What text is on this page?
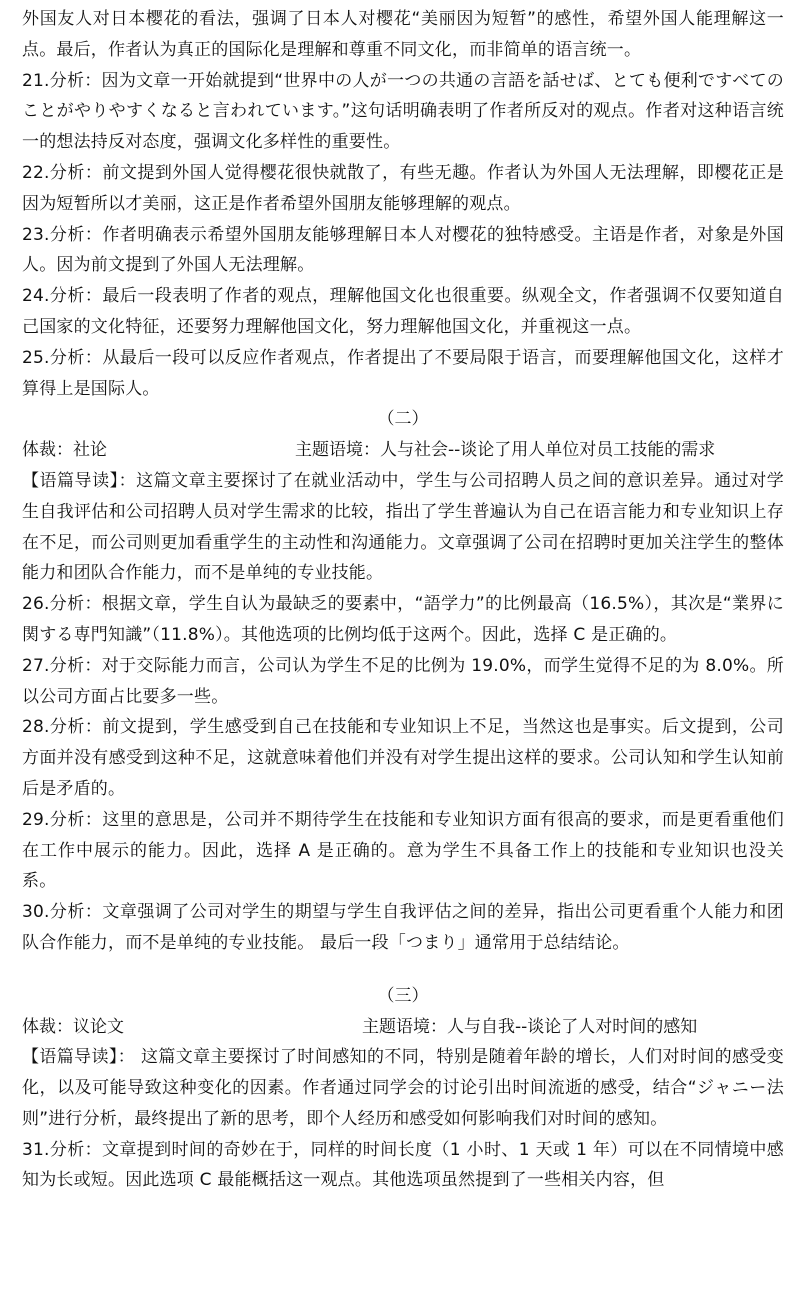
外国友人对日本樱花的看法，强调了日本人对樱花“美丽因为短暂”的感性，希望外国人能理解这一点。最后，作者认为真正的国际化是理解和尊重不同文化，而非简单的语言统一。

21.分析：因为文章一开始就提到“世界中の人が一つの共通の言語を話せば、とても便利ですべてのことがやりやすくなると言われています。”这句话明确表明了作者所反对的观点。作者对这种语言统一的想法持反对态度，强调文化多样性的重要性。

22.分析：前文提到外国人觉得樱花很快就散了，有些无趣。作者认为外国人无法理解，即樱花正是因为短暂所以才美丽，这正是作者希望外国朋友能够理解的观点。

23.分析：作者明确表示希望外国朋友能够理解日本人对樱花的独特感受。主语是作者，对象是外国人。因为前文提到了外国人无法理解。

24.分析：最后一段表明了作者的观点，理解他国文化也很重要。纵观全文，作者强调不仅要知道自己国家的文化特征，还要努力理解他国文化，努力理解他国文化，并重视这一点。

25.分析：从最后一段可以反应作者观点，作者提出了不要局限于语言，而要理解他国文化，这样才算得上是国际人。

（二）
体裁：社论	主题语境：人与社会--谈论了用人单位对员工技能的需求

【语篇导读】：这篇文章主要探讨了在就业活动中，学生与公司招聘人员之间的意识差异。通过对学生自我评估和公司招聘人员对学生需求的比较，指出了学生普遍认为自己在语言能力和专业知识上存在不足，而公司则更加看重学生的主动性和沟通能力。文章强调了公司在招聘时更加关注学生的整体能力和团队合作能力，而不是单纯的专业技能。

26.分析：根据文章，学生自认为最缺乏的要素中，“語学力”的比例最高（16.5%），其次是“業界に関する専門知識”（11.8%）。其他选项的比例均低于这两个。因此，选择 C 是正确的。

27.分析：对于交际能力而言，公司认为学生不足的比例为 19.0%，而学生觉得不足的为 8.0%。所以公司方面占比要多一些。

28.分析：前文提到，学生感受到自己在技能和专业知识上不足，当然这也是事实。后文提到，公司方面并没有感受到这种不足，这就意味着他们并没有对学生提出这样的要求。公司认知和学生认知前后是矛盾的。

29.分析：这里的意思是，公司并不期待学生在技能和专业知识方面有很高的要求，而是更看重他们在工作中展示的能力。因此，选择 A 是正确的。意为学生不具备工作上的技能和专业知识也没关系。

30.分析：文章强调了公司对学生的期望与学生自我评估之间的差异，指出公司更看重个人能力和团队合作能力，而不是单纯的专业技能。 最后一段「つまり」通常用于总结结论。

（三）
体裁：议论文	主题语境：人与自我--谈论了人对时间的感知

【语篇导读】： 这篇文章主要探讨了时间感知的不同，特别是随着年龄的增长，人们对时间的感受变化，以及可能导致这种变化的因素。作者通过同学会的讨论引出时间流逝的感受，结合“ジャニー法则”进行分析，最终提出了新的思考，即个人经历和感受如何影响我们对时间的感知。

31.分析：文章提到时间的奇妙在于，同样的时间长度（1 小时、1 天或 1 年）可以在不同情境中感知为长或短。因此选项 C 最能概括这一观点。其他选项虽然提到了一些相关内容，但
